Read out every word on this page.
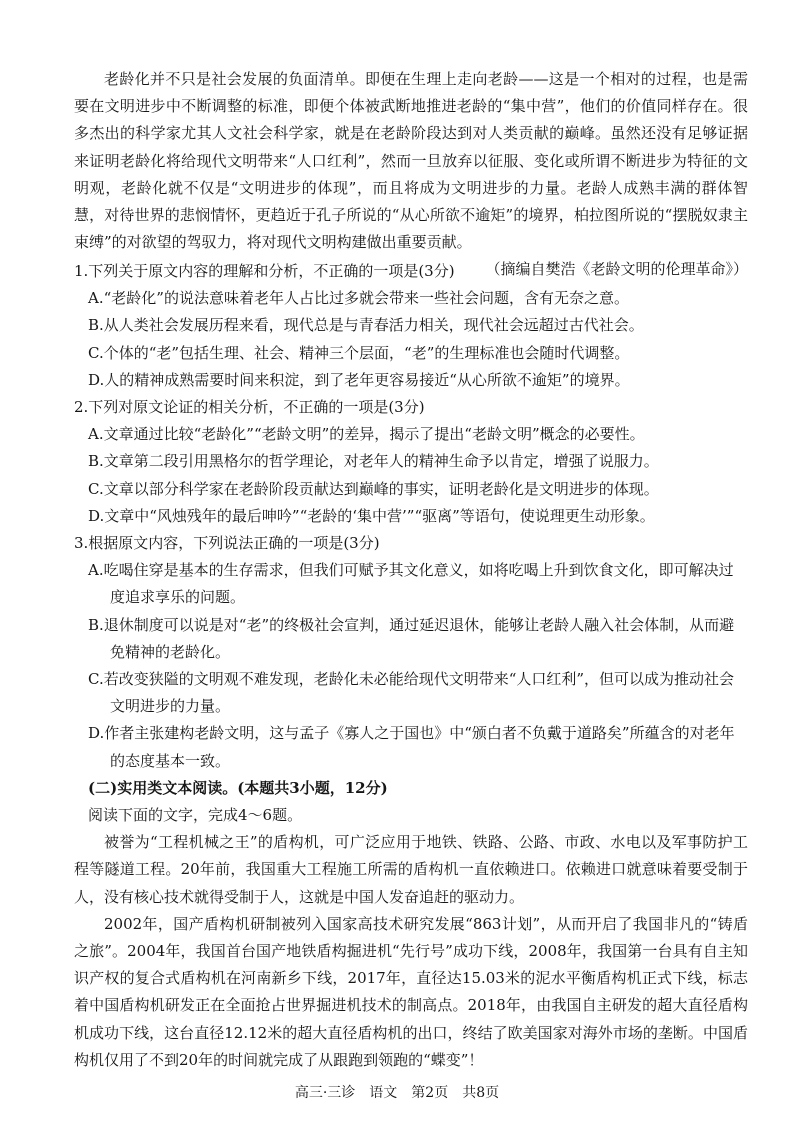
老龄化并不只是社会发展的负面清单。即便在生理上走向老龄——这是一个相对的过程，也是需要在文明进步中不断调整的标准，即便个体被武断地推进老龄的“集中营”，他们的价值同样存在。很多杰出的科学家尤其人文社会科学家，就是在老龄阶段达到对人类贡献的巅峰。虽然还没有足够证据来证明老龄化将给现代文明带来“人口红利”，然而一旦放弃以征服、变化或所谓不断进步为特征的文明观，老龄化就不仅是“文明进步的体现”，而且将成为文明进步的力量。老龄人成熟丰满的群体智慧，对待世界的悲悯情怀，更趋近于孔子所说的“从心所欲不逾矩”的境界，柏拉图所说的“摆脱奴隶主束缚”的对欲望的驾驭力，将对现代文明构建做出重要贡献。

（摘编自樊浩《老龄文明的伦理革命》）

1.下列关于原文内容的理解和分析，不正确的一项是(3分)

A.“老龄化”的说法意味着老年人占比过多就会带来一些社会问题，含有无奈之意。

B.从人类社会发展历程来看，现代总是与青春活力相关，现代社会远超过古代社会。

C.个体的“老”包括生理、社会、精神三个层面，“老”的生理标准也会随时代调整。

D.人的精神成熟需要时间来积淀，到了老年更容易接近“从心所欲不逾矩”的境界。

2.下列对原文论证的相关分析，不正确的一项是(3分)

A.文章通过比较“老龄化”“老龄文明”的差异，揭示了提出“老龄文明”概念的必要性。

B.文章第二段引用黑格尔的哲学理论，对老年人的精神生命予以肯定，增强了说服力。

C.文章以部分科学家在老龄阶段贡献达到巅峰的事实，证明老龄化是文明进步的体现。

D.文章中“风烛残年的最后呻吟”“老龄的‘集中营’”“驱离”等语句，使说理更生动形象。

3.根据原文内容，下列说法正确的一项是(3分)

A.吃喝住穿是基本的生存需求，但我们可赋予其文化意义，如将吃喝上升到饮食文化，即可解决过度追求享乐的问题。

B.退休制度可以说是对“老”的终极社会宣判，通过延迟退休，能够让老龄人融入社会体制，从而避免精神的老龄化。

C.若改变狭隘的文明观不难发现，老龄化未必能给现代文明带来“人口红利”，但可以成为推动社会文明进步的力量。

D.作者主张建构老龄文明，这与孟子《寡人之于国也》中“颁白者不负戴于道路矣”所蕴含的对老年的态度基本一致。

(二)实用类文本阅读。(本题共3小题，12分)

阅读下面的文字，完成4～6题。

被誉为“工程机械之王”的盾构机，可广泛应用于地铁、铁路、公路、市政、水电以及军事防护工程等隧道工程。20年前，我国重大工程施工所需的盾构机一直依赖进口。依赖进口就意味着要受制于人，没有核心技术就得受制于人，这就是中国人发奋追赶的驱动力。

2002年，国产盾构机研制被列入国家高技术研究发展“863计划”，从而开启了我国非凡的“铸盾之旅”。2004年，我国首台国产地铁盾构掘进机“先行号”成功下线，2008年，我国第一台具有自主知识产权的复合式盾构机在河南新乡下线，2017年，直径达15.03米的泥水平衡盾构机正式下线，标志着中国盾构机研发正在全面抢占世界掘进机技术的制高点。2018年，由我国自主研发的超大直径盾构机成功下线，这台直径12.12米的超大直径盾构机的出口，终结了欧美国家对海外市场的垄断。中国盾构机仅用了不到20年的时间就完成了从跟跑到领跑的“蝶变”！

高三·三诊　语文　第2页　共8页
